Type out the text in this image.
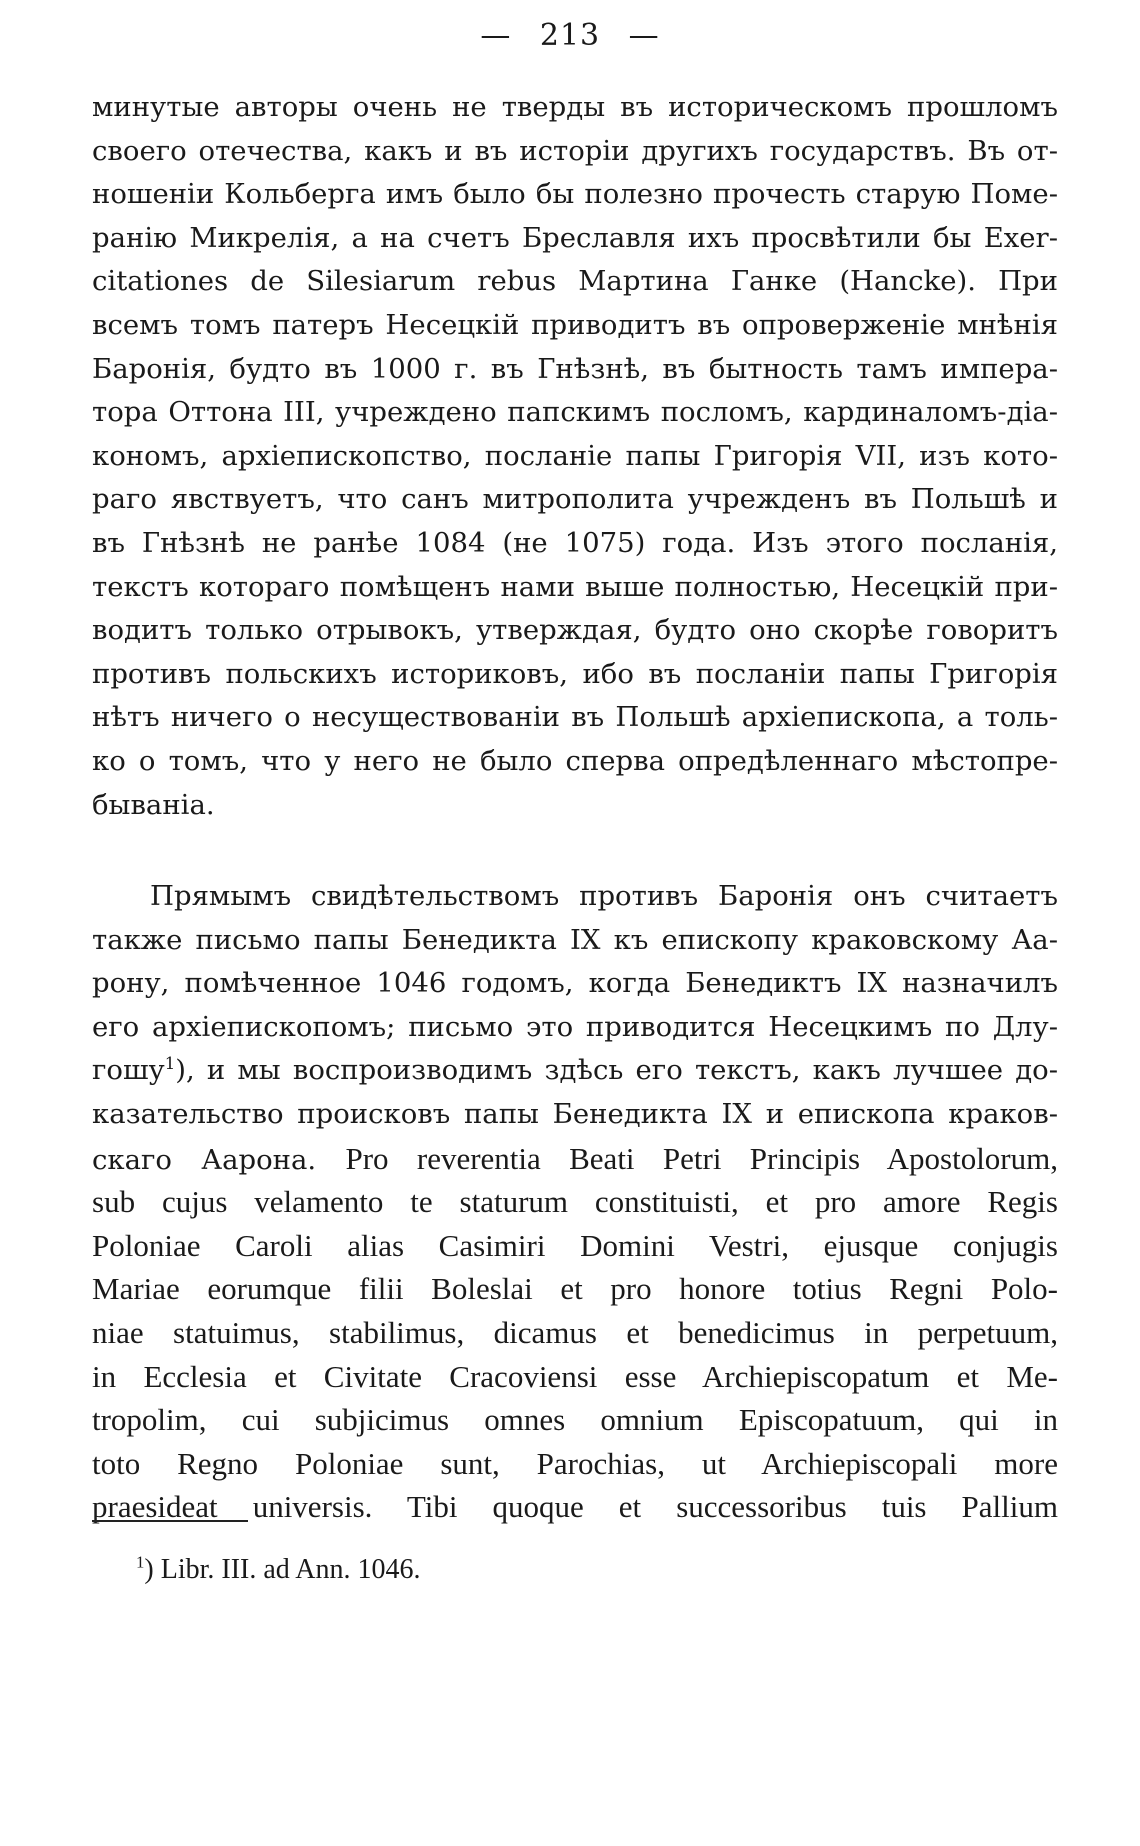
— 213 —
минутые авторы очень не тверды въ историческомъ прошломъ
своего отечества, какъ и въ исторіи другихъ государствъ. Въ от-
ношеніи Кольберга имъ было бы полезно прочесть старую Поме-
ранію Микрелія, а на счетъ Бреславля ихъ просвѣтили бы Exer-
citationes de Silesiarum rebus Мартина Ганке (Hancke). При
всемъ томъ патеръ Несецкій приводитъ въ опроверженіе мнѣнія
Баронія, будто въ 1000 г. въ Гнѣзнѣ, въ бытность тамъ импера-
тора Оттона III, учреждено папскимъ посломъ, кардиналомъ-діа-
кономъ, архіепископство, посланіе папы Григорія VII, изъ кото-
раго явствуетъ, что санъ митрополита учрежденъ въ Польшѣ и
въ Гнѣзнѣ не ранѣе 1084 (не 1075) года. Изъ этого посланія,
текстъ котораго помѣщенъ нами выше полностью, Несецкій при-
водитъ только отрывокъ, утверждая, будто оно скорѣе говоритъ
противъ польскихъ историковъ, ибо въ посланіи папы Григорія
нѣтъ ничего о несуществованіи въ Польшѣ архіепископа, а толь-
ко о томъ, что у него не было сперва опредѣленнаго мѣстопре-
бываніа.
Прямымъ свидѣтельствомъ противъ Баронія онъ считаетъ
также письмо папы Бенедикта IX къ епископу краковскому Аа-
рону, помѣченное 1046 годомъ, когда Бенедиктъ IX назначилъ
его архіепископомъ; письмо это приводится Несецкимъ по Длу-
гошу$^1$), и мы воспроизводимъ здѣсь его текстъ, какъ лучшее до-
казательство происковъ папы Бенедикта IX и епископа краков-
скаго Аарона. Pro reverentia Beati Petri Principis Apostolorum,
sub cujus velamento te staturum constituisti, et pro amore Regis
Poloniae Caroli alias Casimiri Domini Vestri, ejusque conjugis
Mariae eorumque filii Boleslai et pro honore totius Regni Polo-
niae statuimus, stabilimus, dicamus et benedicimus in perpetuum,
in Ecclesia et Civitate Cracoviensi esse Archiepiscopatum et Me-
tropolim, cui subjicimus omnes omnium Episcopatuum, qui in
toto Regno Poloniae sunt, Parochias, ut Archiepiscopali more
praesideat universis. Tibi quoque et successoribus tuis Pallium
$^1$) Libr. III. ad Ann. 1046.
